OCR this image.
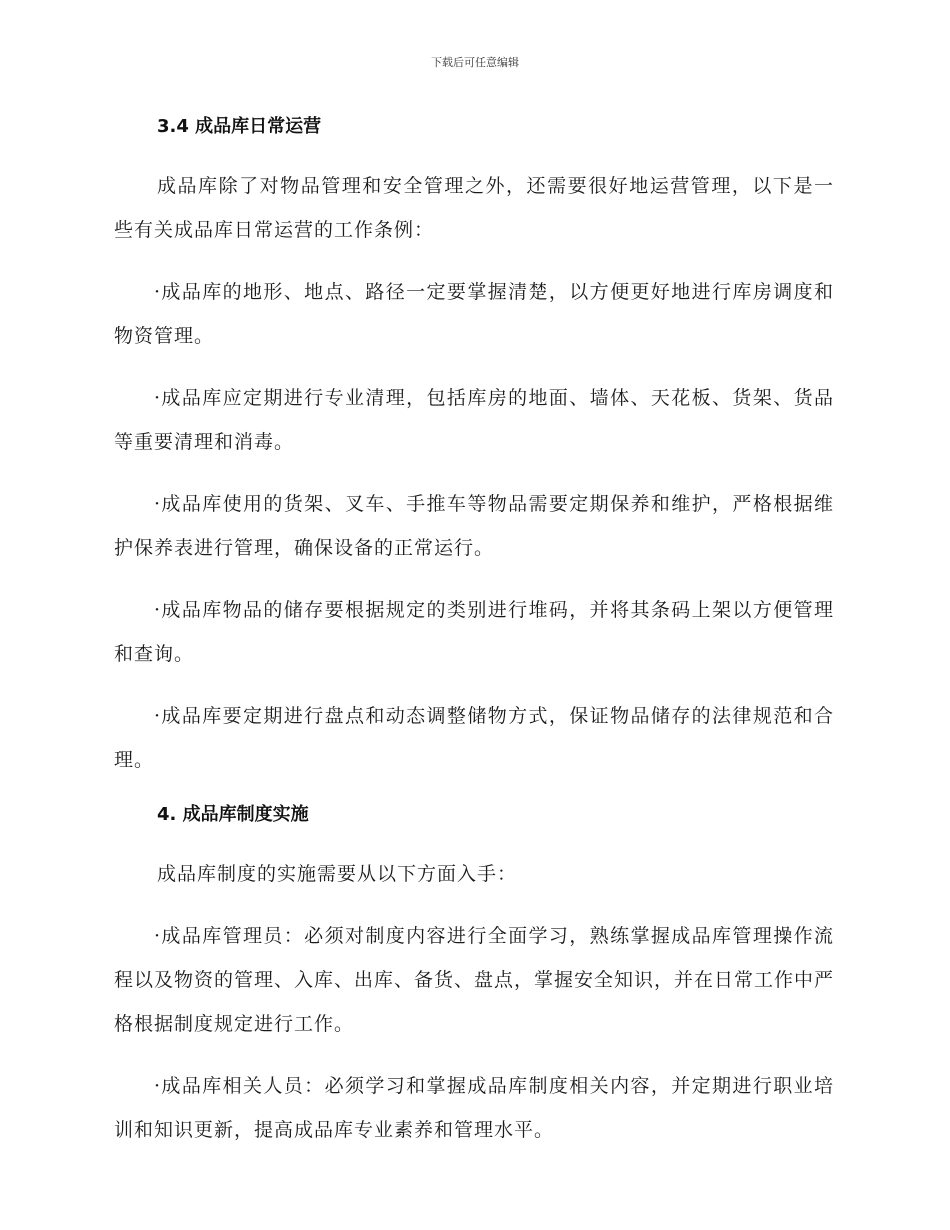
下载后可任意编辑
3.4 成品库日常运营

成品库除了对物品管理和安全管理之外，还需要很好地运营管理，以下是一些有关成品库日常运营的工作条例：

·成品库的地形、地点、路径一定要掌握清楚，以方便更好地进行库房调度和物资管理。

·成品库应定期进行专业清理，包括库房的地面、墙体、天花板、货架、货品等重要清理和消毒。

·成品库使用的货架、叉车、手推车等物品需要定期保养和维护，严格根据维护保养表进行管理，确保设备的正常运行。

·成品库物品的储存要根据规定的类别进行堆码，并将其条码上架以方便管理和查询。

·成品库要定期进行盘点和动态调整储物方式，保证物品储存的法律规范和合理。

4. 成品库制度实施

成品库制度的实施需要从以下方面入手：

·成品库管理员：必须对制度内容进行全面学习，熟练掌握成品库管理操作流程以及物资的管理、入库、出库、备货、盘点，掌握安全知识，并在日常工作中严格根据制度规定进行工作。

·成品库相关人员：必须学习和掌握成品库制度相关内容，并定期进行职业培训和知识更新，提高成品库专业素养和管理水平。
